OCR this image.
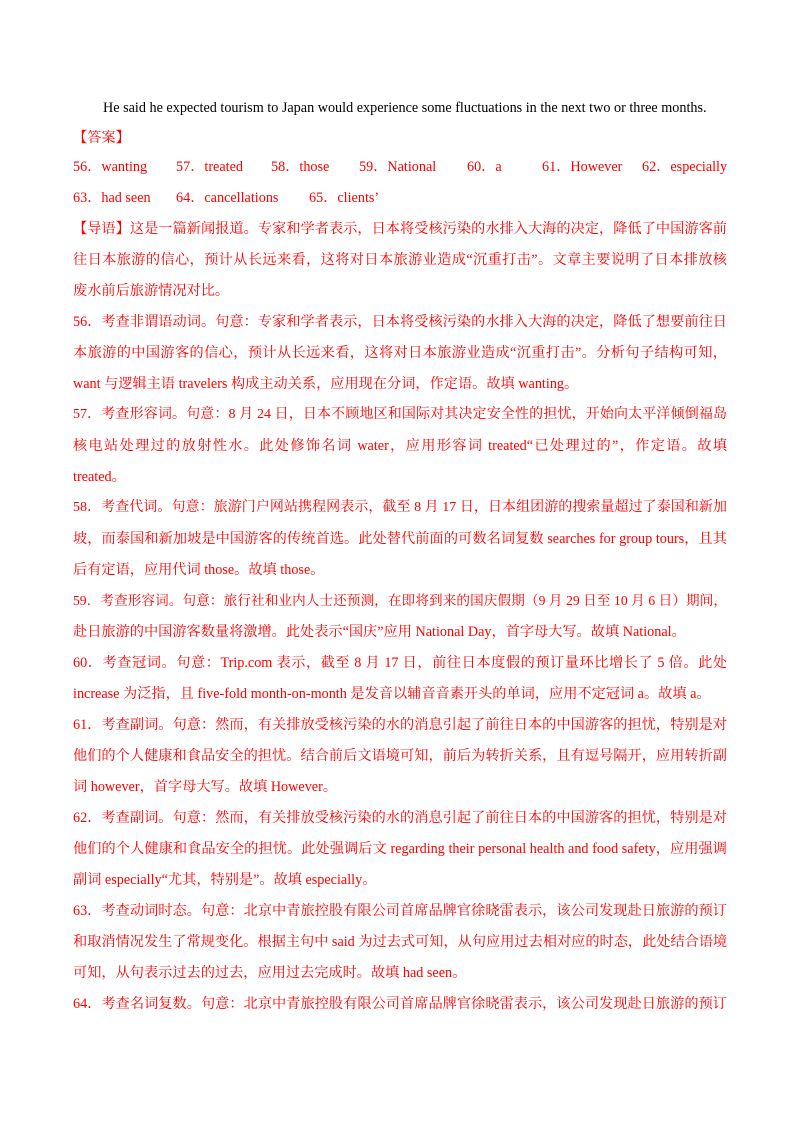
He said he expected tourism to Japan would experience some fluctuations in the next two or three months.
【答案】
56．wanting 57．treated 58．those 59．National 60．a	61．However 62．especially
63．had seen 64．cancellations 65．clients’
【导语】这是一篇新闻报道。专家和学者表示，日本将受核污染的水排入大海的决定，降低了中国游客前
往日本旅游的信心，预计从长远来看，这将对日本旅游业造成“沉重打击”。文章主要说明了日本排放核
废水前后旅游情况对比。
56．考查非谓语动词。句意：专家和学者表示，日本将受核污染的水排入大海的决定，降低了想要前往日
本旅游的中国游客的信心，预计从长远来看，这将对日本旅游业造成“沉重打击”。分析句子结构可知，
want 与逻辑主语 travelers 构成主动关系，应用现在分词，作定语。故填 wanting。
57．考查形容词。句意：8 月 24 日，日本不顾地区和国际对其决定安全性的担忧，开始向太平洋倾倒福岛
核电站处理过的放射性水。此处修饰名词 water，应用形容词 treated“已处理过的”，作定语。故填
treated。
58．考查代词。句意：旅游门户网站携程网表示，截至 8 月 17 日，日本组团游的搜索量超过了泰国和新加
坡，而泰国和新加坡是中国游客的传统首选。此处替代前面的可数名词复数 searches for group tours，且其
后有定语，应用代词 those。故填 those。
59．考查形容词。句意：旅行社和业内人士还预测，在即将到来的国庆假期（9 月 29 日至 10 月 6 日）期间，
赴日旅游的中国游客数量将激增。此处表示“国庆”应用 National Day，首字母大写。故填 National。
60．考查冠词。句意：Trip.com 表示，截至 8 月 17 日，前往日本度假的预订量环比增长了 5 倍。此处
increase 为泛指，且 five-fold month-on-month 是发音以辅音音素开头的单词，应用不定冠词 a。故填 a。
61．考查副词。句意：然而，有关排放受核污染的水的消息引起了前往日本的中国游客的担忧，特别是对
他们的个人健康和食品安全的担忧。结合前后文语境可知，前后为转折关系，且有逗号隔开，应用转折副
词 however，首字母大写。故填 However。
62．考查副词。句意：然而，有关排放受核污染的水的消息引起了前往日本的中国游客的担忧，特别是对
他们的个人健康和食品安全的担忧。此处强调后文 regarding their personal health and food safety，应用强调
副词 especially“尤其，特别是”。故填 especially。
63．考查动词时态。句意：北京中青旅控股有限公司首席品牌官徐晓雷表示，该公司发现赴日旅游的预订
和取消情况发生了常规变化。根据主句中 said 为过去式可知，从句应用过去相对应的时态，此处结合语境
可知，从句表示过去的过去，应用过去完成时。故填 had seen。
64．考查名词复数。句意：北京中青旅控股有限公司首席品牌官徐晓雷表示，该公司发现赴日旅游的预订
